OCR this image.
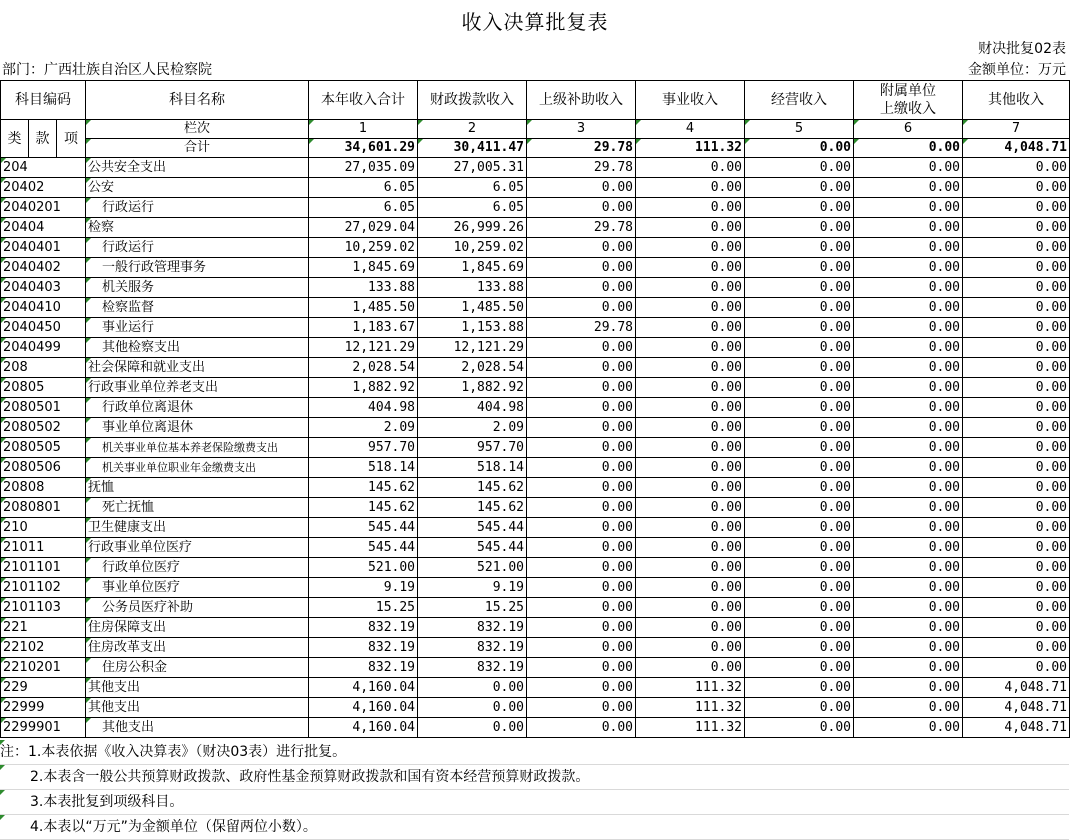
收入决算批复表
财决批复02表
部门：广西壮族自治区人民检察院	金额单位：万元
科目编码			科目名称	本年收入合计	财政拨款收入	上级补助收入	事业收入	经营收入	附属单位上缴收入	其他收入
类	款	项	栏次	1	2	3	4	5	6	7
			合计	34,601.29	30,411.47	29.78	111.32	0.00	0.00	4,048.71
204			公共安全支出	27,035.09	27,005.31	29.78	0.00	0.00	0.00	0.00
20402			公安	6.05	6.05	0.00	0.00	0.00	0.00	0.00
2040201			行政运行	6.05	6.05	0.00	0.00	0.00	0.00	0.00
20404			检察	27,029.04	26,999.26	29.78	0.00	0.00	0.00	0.00
2040401			行政运行	10,259.02	10,259.02	0.00	0.00	0.00	0.00	0.00
2040402			一般行政管理事务	1,845.69	1,845.69	0.00	0.00	0.00	0.00	0.00
2040403			机关服务	133.88	133.88	0.00	0.00	0.00	0.00	0.00
2040410			检察监督	1,485.50	1,485.50	0.00	0.00	0.00	0.00	0.00
2040450			事业运行	1,183.67	1,153.88	29.78	0.00	0.00	0.00	0.00
2040499			其他检察支出	12,121.29	12,121.29	0.00	0.00	0.00	0.00	0.00
208			社会保障和就业支出	2,028.54	2,028.54	0.00	0.00	0.00	0.00	0.00
20805			行政事业单位养老支出	1,882.92	1,882.92	0.00	0.00	0.00	0.00	0.00
2080501			行政单位离退休	404.98	404.98	0.00	0.00	0.00	0.00	0.00
2080502			事业单位离退休	2.09	2.09	0.00	0.00	0.00	0.00	0.00
2080505			机关事业单位基本养老保险缴费支出	957.70	957.70	0.00	0.00	0.00	0.00	0.00
2080506			机关事业单位职业年金缴费支出	518.14	518.14	0.00	0.00	0.00	0.00	0.00
20808			抚恤	145.62	145.62	0.00	0.00	0.00	0.00	0.00
2080801			死亡抚恤	145.62	145.62	0.00	0.00	0.00	0.00	0.00
210			卫生健康支出	545.44	545.44	0.00	0.00	0.00	0.00	0.00
21011			行政事业单位医疗	545.44	545.44	0.00	0.00	0.00	0.00	0.00
2101101			行政单位医疗	521.00	521.00	0.00	0.00	0.00	0.00	0.00
2101102			事业单位医疗	9.19	9.19	0.00	0.00	0.00	0.00	0.00
2101103			公务员医疗补助	15.25	15.25	0.00	0.00	0.00	0.00	0.00
221			住房保障支出	832.19	832.19	0.00	0.00	0.00	0.00	0.00
22102			住房改革支出	832.19	832.19	0.00	0.00	0.00	0.00	0.00
2210201			住房公积金	832.19	832.19	0.00	0.00	0.00	0.00	0.00
229			其他支出	4,160.04	0.00	0.00	111.32	0.00	0.00	4,048.71
22999			其他支出	4,160.04	0.00	0.00	111.32	0.00	0.00	4,048.71
2299901			其他支出	4,160.04	0.00	0.00	111.32	0.00	0.00	4,048.71
注：1.本表依据《收入决算表》（财决03表）进行批复。
2.本表含一般公共预算财政拨款、政府性基金预算财政拨款和国有资本经营预算财政拨款。
3.本表批复到项级科目。
4.本表以“万元”为金额单位（保留两位小数）。
